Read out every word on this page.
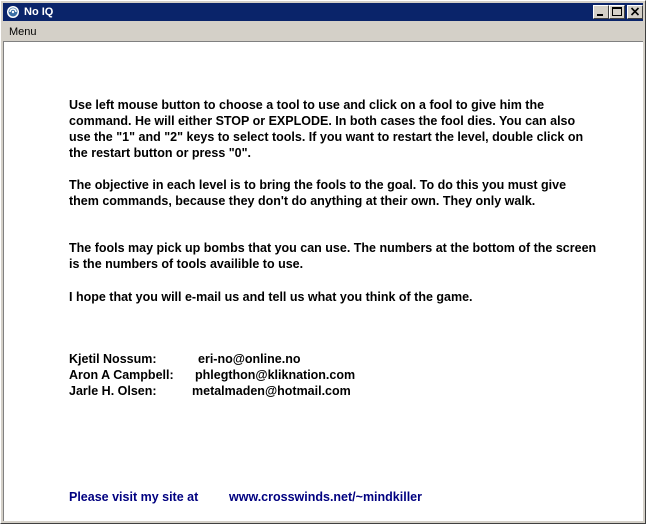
No IQ
Menu

Use left mouse button to choose a tool to use and click on a fool to give him the command. He will either STOP or EXPLODE. In both cases the fool dies. You can also use the "1" and "2" keys to select tools. If you want to restart the level, double click on the restart button or press "0".

The objective in each level is to bring the fools to the goal. To do this you must give them commands, because they don't do anything at their own. They only walk.

The fools may pick up bombs that you can use. The numbers at the bottom of the screen is the numbers of tools availible to use.

I hope that you will e-mail us and tell us what you think of the game.

Kjetil Nossum:	eri-no@online.no
Aron A Campbell: phlegthon@kliknation.com
Jarle H. Olsen:	metalmaden@hotmail.com
Please visit my site at www.crosswinds.net/~mindkiller
